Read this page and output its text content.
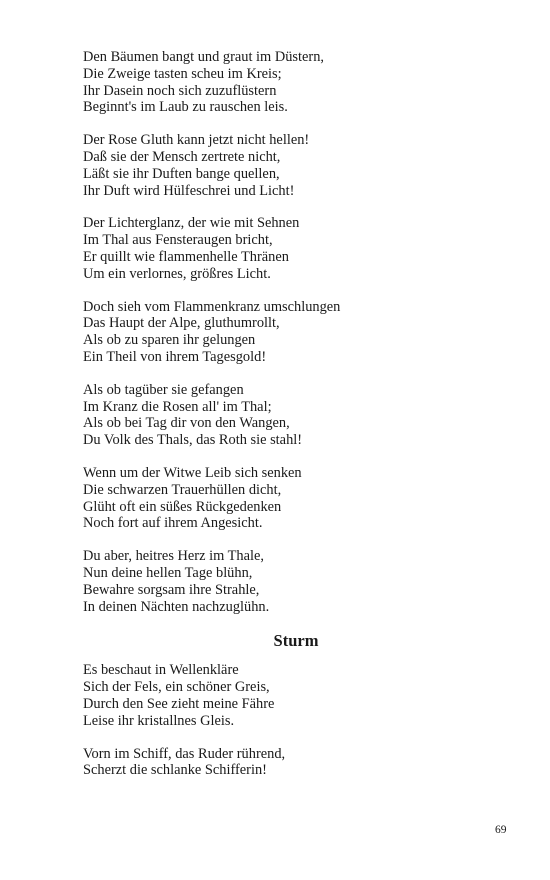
Den Bäumen bangt und graut im Düstern,
Die Zweige tasten scheu im Kreis;
Ihr Dasein noch sich zuzuflüstern
Beginnt's im Laub zu rauschen leis.
Der Rose Gluth kann jetzt nicht hellen!
Daß sie der Mensch zertrete nicht,
Läßt sie ihr Duften bange quellen,
Ihr Duft wird Hülfeschrei und Licht!
Der Lichterglanz, der wie mit Sehnen
Im Thal aus Fensteraugen bricht,
Er quillt wie flammenhelle Thränen
Um ein verlornes, größres Licht.
Doch sieh vom Flammenkranz umschlungen
Das Haupt der Alpe, gluthumrollt,
Als ob zu sparen ihr gelungen
Ein Theil von ihrem Tagesgold!
Als ob tagüber sie gefangen
Im Kranz die Rosen all' im Thal;
Als ob bei Tag dir von den Wangen,
Du Volk des Thals, das Roth sie stahl!
Wenn um der Witwe Leib sich senken
Die schwarzen Trauerhüllen dicht,
Glüht oft ein süßes Rückgedenken
Noch fort auf ihrem Angesicht.
Du aber, heitres Herz im Thale,
Nun deine hellen Tage blühn,
Bewahre sorgsam ihre Strahle,
In deinen Nächten nachzuglühn.
Sturm
Es beschaut in Wellenkläre
Sich der Fels, ein schöner Greis,
Durch den See zieht meine Fähre
Leise ihr kristallnes Gleis.
Vorn im Schiff, das Ruder rührend,
Scherzt die schlanke Schifferin!
69
